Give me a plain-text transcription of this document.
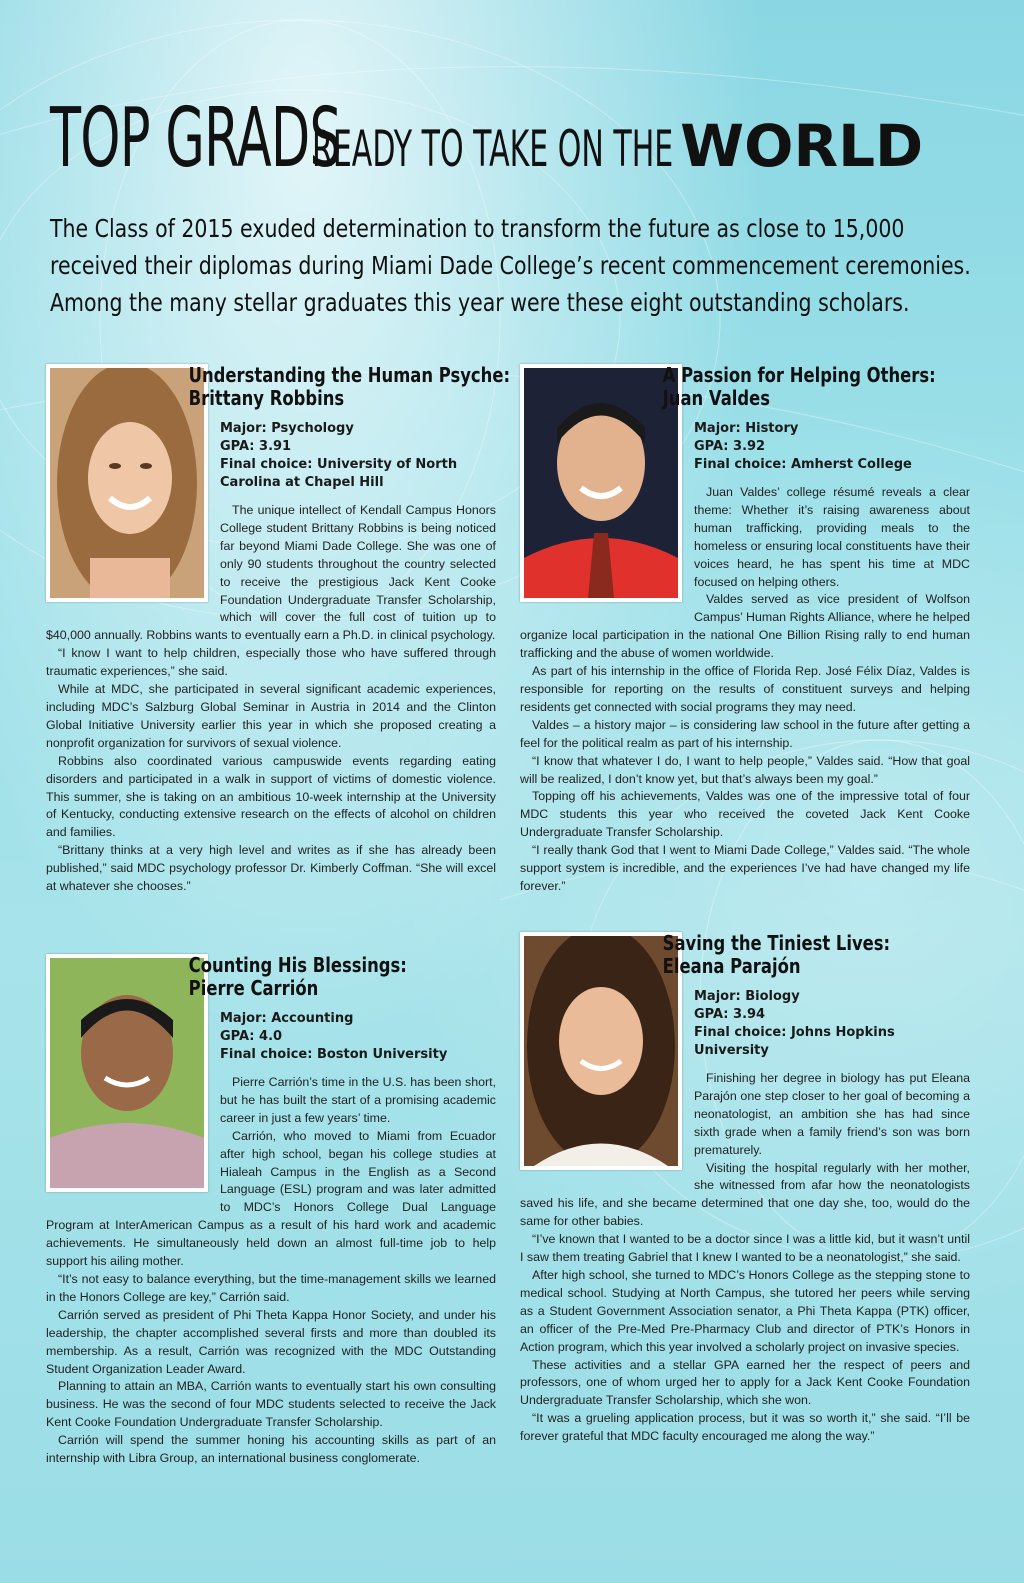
TOP GRADSREADY TO TAKE ON THE WORLD
The Class of 2015 exuded determination to transform the future as close to 15,000
received their diplomas during Miami Dade College’s recent commencement ceremonies.
Among the many stellar graduates this year were these eight outstanding scholars.
Understanding the Human Psyche:
Brittany Robbins
Major: Psychology
GPA: 3.91
Final choice: University of North Carolina at Chapel Hill

The unique intellect of Kendall Campus Honors College student Brittany Robbins is being noticed far beyond Miami Dade College. She was one of only 90 students throughout the country selected to receive the prestigious Jack Kent Cooke Foundation Undergraduate Transfer Scholarship, which will cover the full cost of tuition up to $40,000 annually. Robbins wants to eventually earn a Ph.D. in clinical psychology.

“I know I want to help children, especially those who have suffered through traumatic experiences,” she said.

While at MDC, she participated in several significant academic experiences, including MDC’s Salzburg Global Seminar in Austria in 2014 and the Clinton Global Initiative University earlier this year in which she proposed creating a nonprofit organization for survivors of sexual violence.

Robbins also coordinated various campuswide events regarding eating disorders and participated in a walk in support of victims of domestic violence. This summer, she is taking on an ambitious 10-week internship at the University of Kentucky, conducting extensive research on the effects of alcohol on children and families.

“Brittany thinks at a very high level and writes as if she has already been published,” said MDC psychology professor Dr. Kimberly Coffman. “She will excel at whatever she chooses.”

A Passion for Helping Others:
Juan Valdes
Major: History
GPA: 3.92
Final choice: Amherst College

Juan Valdes’ college résumé reveals a clear theme: Whether it’s raising awareness about human trafficking, providing meals to the homeless or ensuring local constituents have their voices heard, he has spent his time at MDC focused on helping others.

Valdes served as vice president of Wolfson Campus’ Human Rights Alliance, where he helped organize local participation in the national One Billion Rising rally to end human trafficking and the abuse of women worldwide.

As part of his internship in the office of Florida Rep. José Félix Díaz, Valdes is responsible for reporting on the results of constituent surveys and helping residents get connected with social programs they may need.

Valdes – a history major – is considering law school in the future after getting a feel for the political realm as part of his internship.

“I know that whatever I do, I want to help people,” Valdes said. “How that goal will be realized, I don’t know yet, but that’s always been my goal.”

Topping off his achievements, Valdes was one of the impressive total of four MDC students this year who received the coveted Jack Kent Cooke Undergraduate Transfer Scholarship.

“I really thank God that I went to Miami Dade College,” Valdes said. “The whole support system is incredible, and the experiences I’ve had have changed my life forever.”

Counting His Blessings:
Pierre Carrión
Major: Accounting
GPA: 4.0
Final choice: Boston University

Pierre Carrión’s time in the U.S. has been short, but he has built the start of a promising academic career in just a few years’ time.

Carrión, who moved to Miami from Ecuador after high school, began his college studies at Hialeah Campus in the English as a Second Language (ESL) program and was later admitted to MDC’s Honors College Dual Language Program at InterAmerican Campus as a result of his hard work and academic achievements. He simultaneously held down an almost full-time job to help support his ailing mother.

“It’s not easy to balance everything, but the time-management skills we learned in the Honors College are key,” Carrión said.

Carrión served as president of Phi Theta Kappa Honor Society, and under his leadership, the chapter accomplished several firsts and more than doubled its membership. As a result, Carrión was recognized with the MDC Outstanding Student Organization Leader Award.

Planning to attain an MBA, Carrión wants to eventually start his own consulting business. He was the second of four MDC students selected to receive the Jack Kent Cooke Foundation Undergraduate Transfer Scholarship.

Carrión will spend the summer honing his accounting skills as part of an internship with Libra Group, an international business conglomerate.

Saving the Tiniest Lives:
Eleana Parajón
Major: Biology
GPA: 3.94
Final choice: Johns Hopkins University

Finishing her degree in biology has put Eleana Parajón one step closer to her goal of becoming a neonatologist, an ambition she has had since sixth grade when a family friend’s son was born prematurely.

Visiting the hospital regularly with her mother, she witnessed from afar how the neonatologists saved his life, and she became determined that one day she, too, would do the same for other babies.

“I’ve known that I wanted to be a doctor since I was a little kid, but it wasn’t until I saw them treating Gabriel that I knew I wanted to be a neonatologist,” she said.

After high school, she turned to MDC’s Honors College as the stepping stone to medical school. Studying at North Campus, she tutored her peers while serving as a Student Government Association senator, a Phi Theta Kappa (PTK) officer, an officer of the Pre-Med Pre-Pharmacy Club and director of PTK’s Honors in Action program, which this year involved a scholarly project on invasive species.

These activities and a stellar GPA earned her the respect of peers and professors, one of whom urged her to apply for a Jack Kent Cooke Foundation Undergraduate Transfer Scholarship, which she won.

“It was a grueling application process, but it was so worth it,” she said. “I’ll be forever grateful that MDC faculty encouraged me along the way.”
